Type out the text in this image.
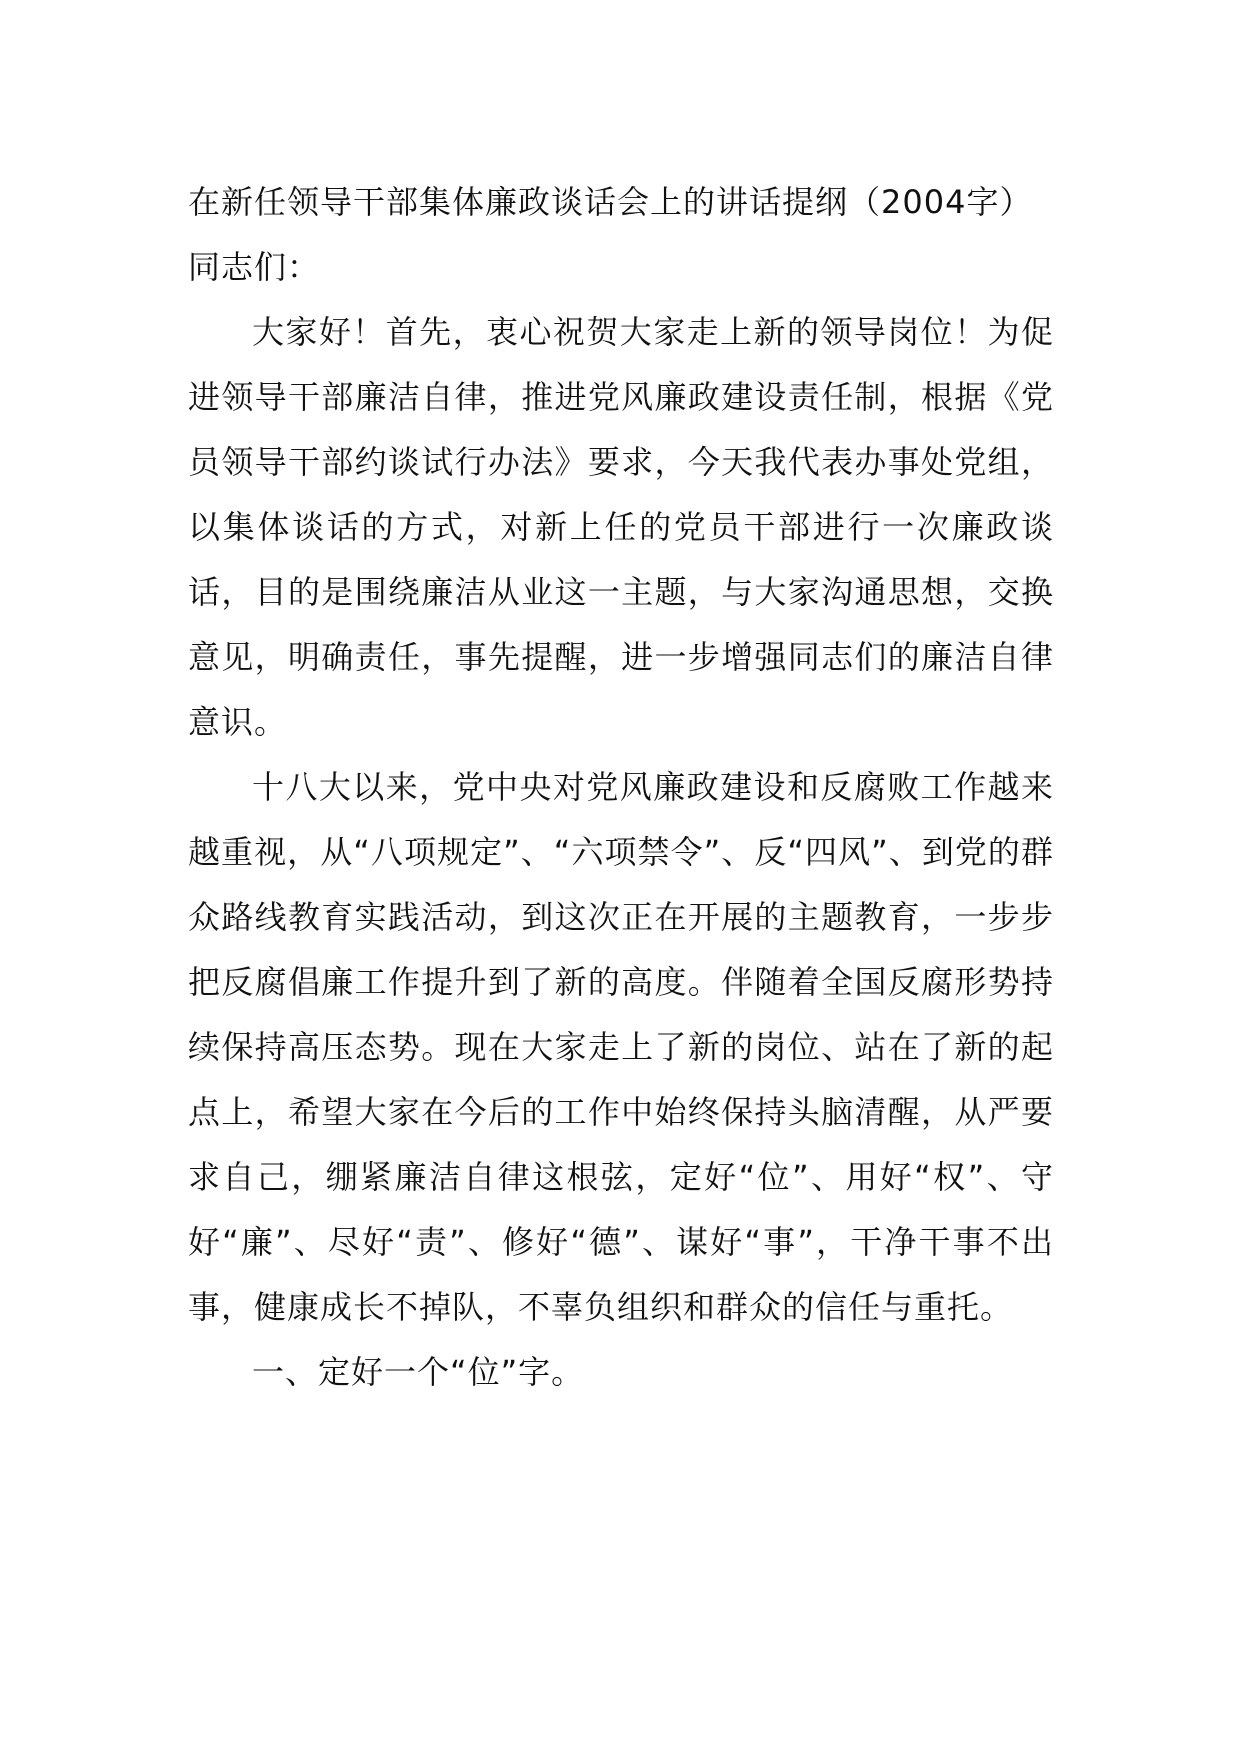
在新任领导干部集体廉政谈话会上的讲话提纲（2004字）

同志们：

大家好！首先，衷心祝贺大家走上新的领导岗位！为促进领导干部廉洁自律，推进党风廉政建设责任制，根据《党员领导干部约谈试行办法》要求，今天我代表办事处党组，以集体谈话的方式，对新上任的党员干部进行一次廉政谈话，目的是围绕廉洁从业这一主题，与大家沟通思想，交换意见，明确责任，事先提醒，进一步增强同志们的廉洁自律意识。

十八大以来，党中央对党风廉政建设和反腐败工作越来越重视，从“八项规定”、“六项禁令”、反“四风”、到党的群众路线教育实践活动，到这次正在开展的主题教育，一步步把反腐倡廉工作提升到了新的高度。伴随着全国反腐形势持续保持高压态势。现在大家走上了新的岗位、站在了新的起点上，希望大家在今后的工作中始终保持头脑清醒，从严要求自己，绷紧廉洁自律这根弦，定好“位”、用好“权”、守好“廉”、尽好“责”、修好“德”、谋好“事”，干净干事不出事，健康成长不掉队，不辜负组织和群众的信任与重托。

一、定好一个“位”字。
